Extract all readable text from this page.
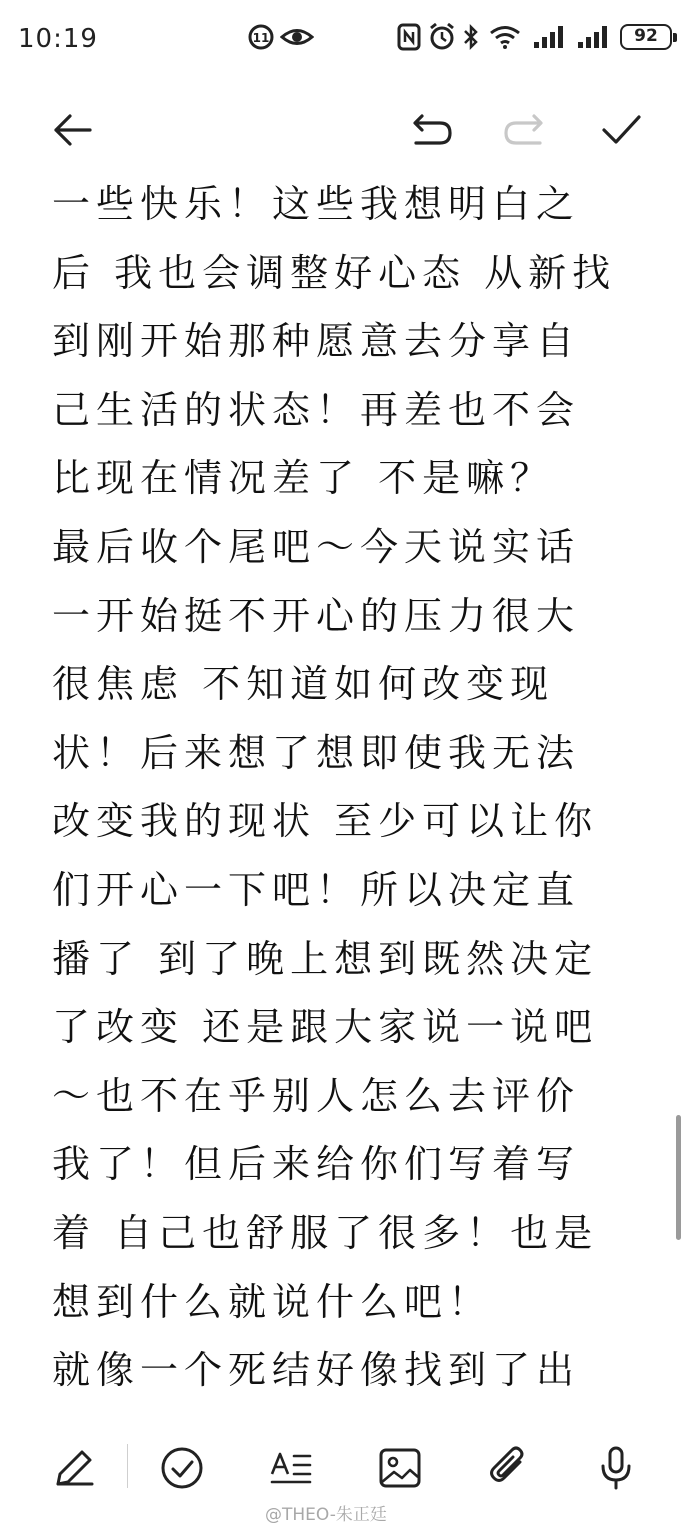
10:19	11	92
一些快乐！这些我想明白之
后 我也会调整好心态 从新找
到刚开始那种愿意去分享自
己生活的状态！再差也不会
比现在情况差了 不是嘛？
最后收个尾吧～今天说实话
一开始挺不开心的压力很大
很焦虑 不知道如何改变现
状！后来想了想即使我无法
改变我的现状 至少可以让你
们开心一下吧！所以决定直
播了 到了晚上想到既然决定
了改变 还是跟大家说一说吧
～也不在乎别人怎么去评价
我了！但后来给你们写着写
着 自己也舒服了很多！也是
想到什么就说什么吧！
就像一个死结好像找到了出
@THEO-朱正廷
